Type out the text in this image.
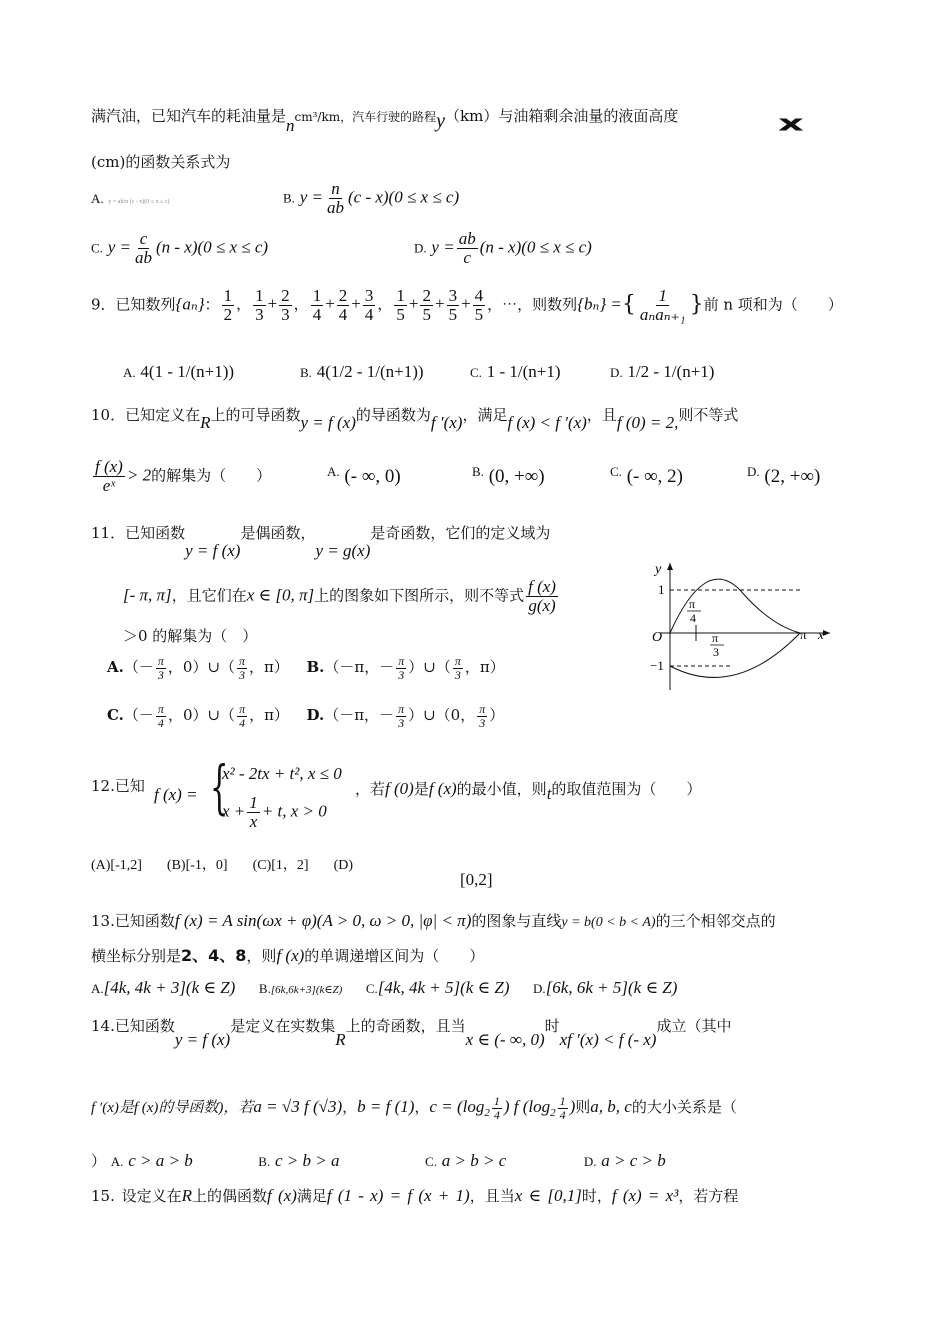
满汽油，已知汽车的耗油量是ncm³/km，汽车行驶的路程y（km）与油箱剩余油量的液面高度 x
(cm)的函数关系式为
A. y = ab/n (c - x)(0 ≤ x ≤ c)	B. $y = \frac{n}{ab} (c - x)(0 \le x \le c)$
C. $y = \frac{c}{ab} (n - x)(0 \le x \le c)$	D. $y = \frac{ab}{c} (n - x)(0 \le x \le c)$
9．已知数列{aₙ}： $\frac{1}{2}$ ， $\frac{1}{3} + \frac{2}{3}$ ， $\frac{1}{4} + \frac{2}{4} + \frac{3}{4}$ ， $\frac{1}{5} + \frac{2}{5} + \frac{3}{5} + \frac{4}{5}$ ，⋯，则数列{bₙ} ={ $\frac{1}{\text{aₙaₙ₊₁}}$ }前 n 项和为（　　）
A. 4(1 - 1/(n+1))	B. 4(1/2 - 1/(n+1))	C. 1 - 1/(n+1)	D. 1/2 - 1/(n+1)
10．已知定义在R上的可导函数y = f (x)的导函数为f ′(x)，满足f (x) < f ′(x)，且f (0) = 2,则不等式
$\frac{f (x)}{\text{eˣ}} > 2$的解集为（　　）	A. (- ∞, 0)	B. (0, +∞)	C. (- ∞, 2)	D. (2, +∞)
11．已知函数y = f (x)是偶函数，y = g(x)是奇函数，它们的定义域为
[- π, π]，且它们在x ∈ [0, π]上的图象如下图所示，则不等式 $\frac{f (x)}{g(x)}$
＞0 的解集为（　）
$A.(- \frac{\pi}{3}$ ，0）∪（ $\frac{\pi}{3}$ ，π） B.（－π，－ $\frac{\pi}{3}$ ）∪（ $\frac{\pi}{3}$ ，π）
$C.(- \frac{\pi}{4}$ ，0）∪（ $\frac{\pi}{4}$ ，π） D.（－π，－ $\frac{\pi}{3}$ ）∪（0， $\frac{\pi}{3}$ ）
y
x
O
1
−1
π
4
π
3
π
12.已知 f (x) = {
x² - 2tx + t², x ≤ 0
$x + \frac{1}{x} + t$, x > 0
，若f (0)是f (x)的最小值，则t的取值范围为（　　）
(A)[-1,2] (B)[-1，0] (C)[1，2] (D)
[0,2]
13.已知函数f (x) = A sin(ωx + φ)(A > 0, ω > 0, |φ| < π)的图象与直线y = b(0 < b < A)的三个相邻交点的
横坐标分别是2、4、8，则f (x)的单调递增区间为（　　）
A.[4k, 4k + 3](k ∈ Z) B.[6k,6k+3](k∈Z) C.[4k, 4k + 5](k ∈ Z) D.[6k, 6k + 5](k ∈ Z)
14.已知函数y = f (x)是定义在实数集R上的奇函数，且当x ∈ (- ∞, 0)时xf ′(x) < f (- x)成立（其中
f ′(x)是f (x)的导函数)，若a = √3 f (√3)，b = f (1)，$c = (\log_2 \frac{1}{4}$ ) f ($\log_2 \frac{1}{4}$ )则a, b, c的大小关系是（
） A. c > a > b	B. c > b > a	C. a > b > c	D. a > c > b
15. 设定义在R上的偶函数f (x)满足f (1 - x) = f (x + 1)，且当x ∈ [0,1]时，f (x) = x³，若方程
